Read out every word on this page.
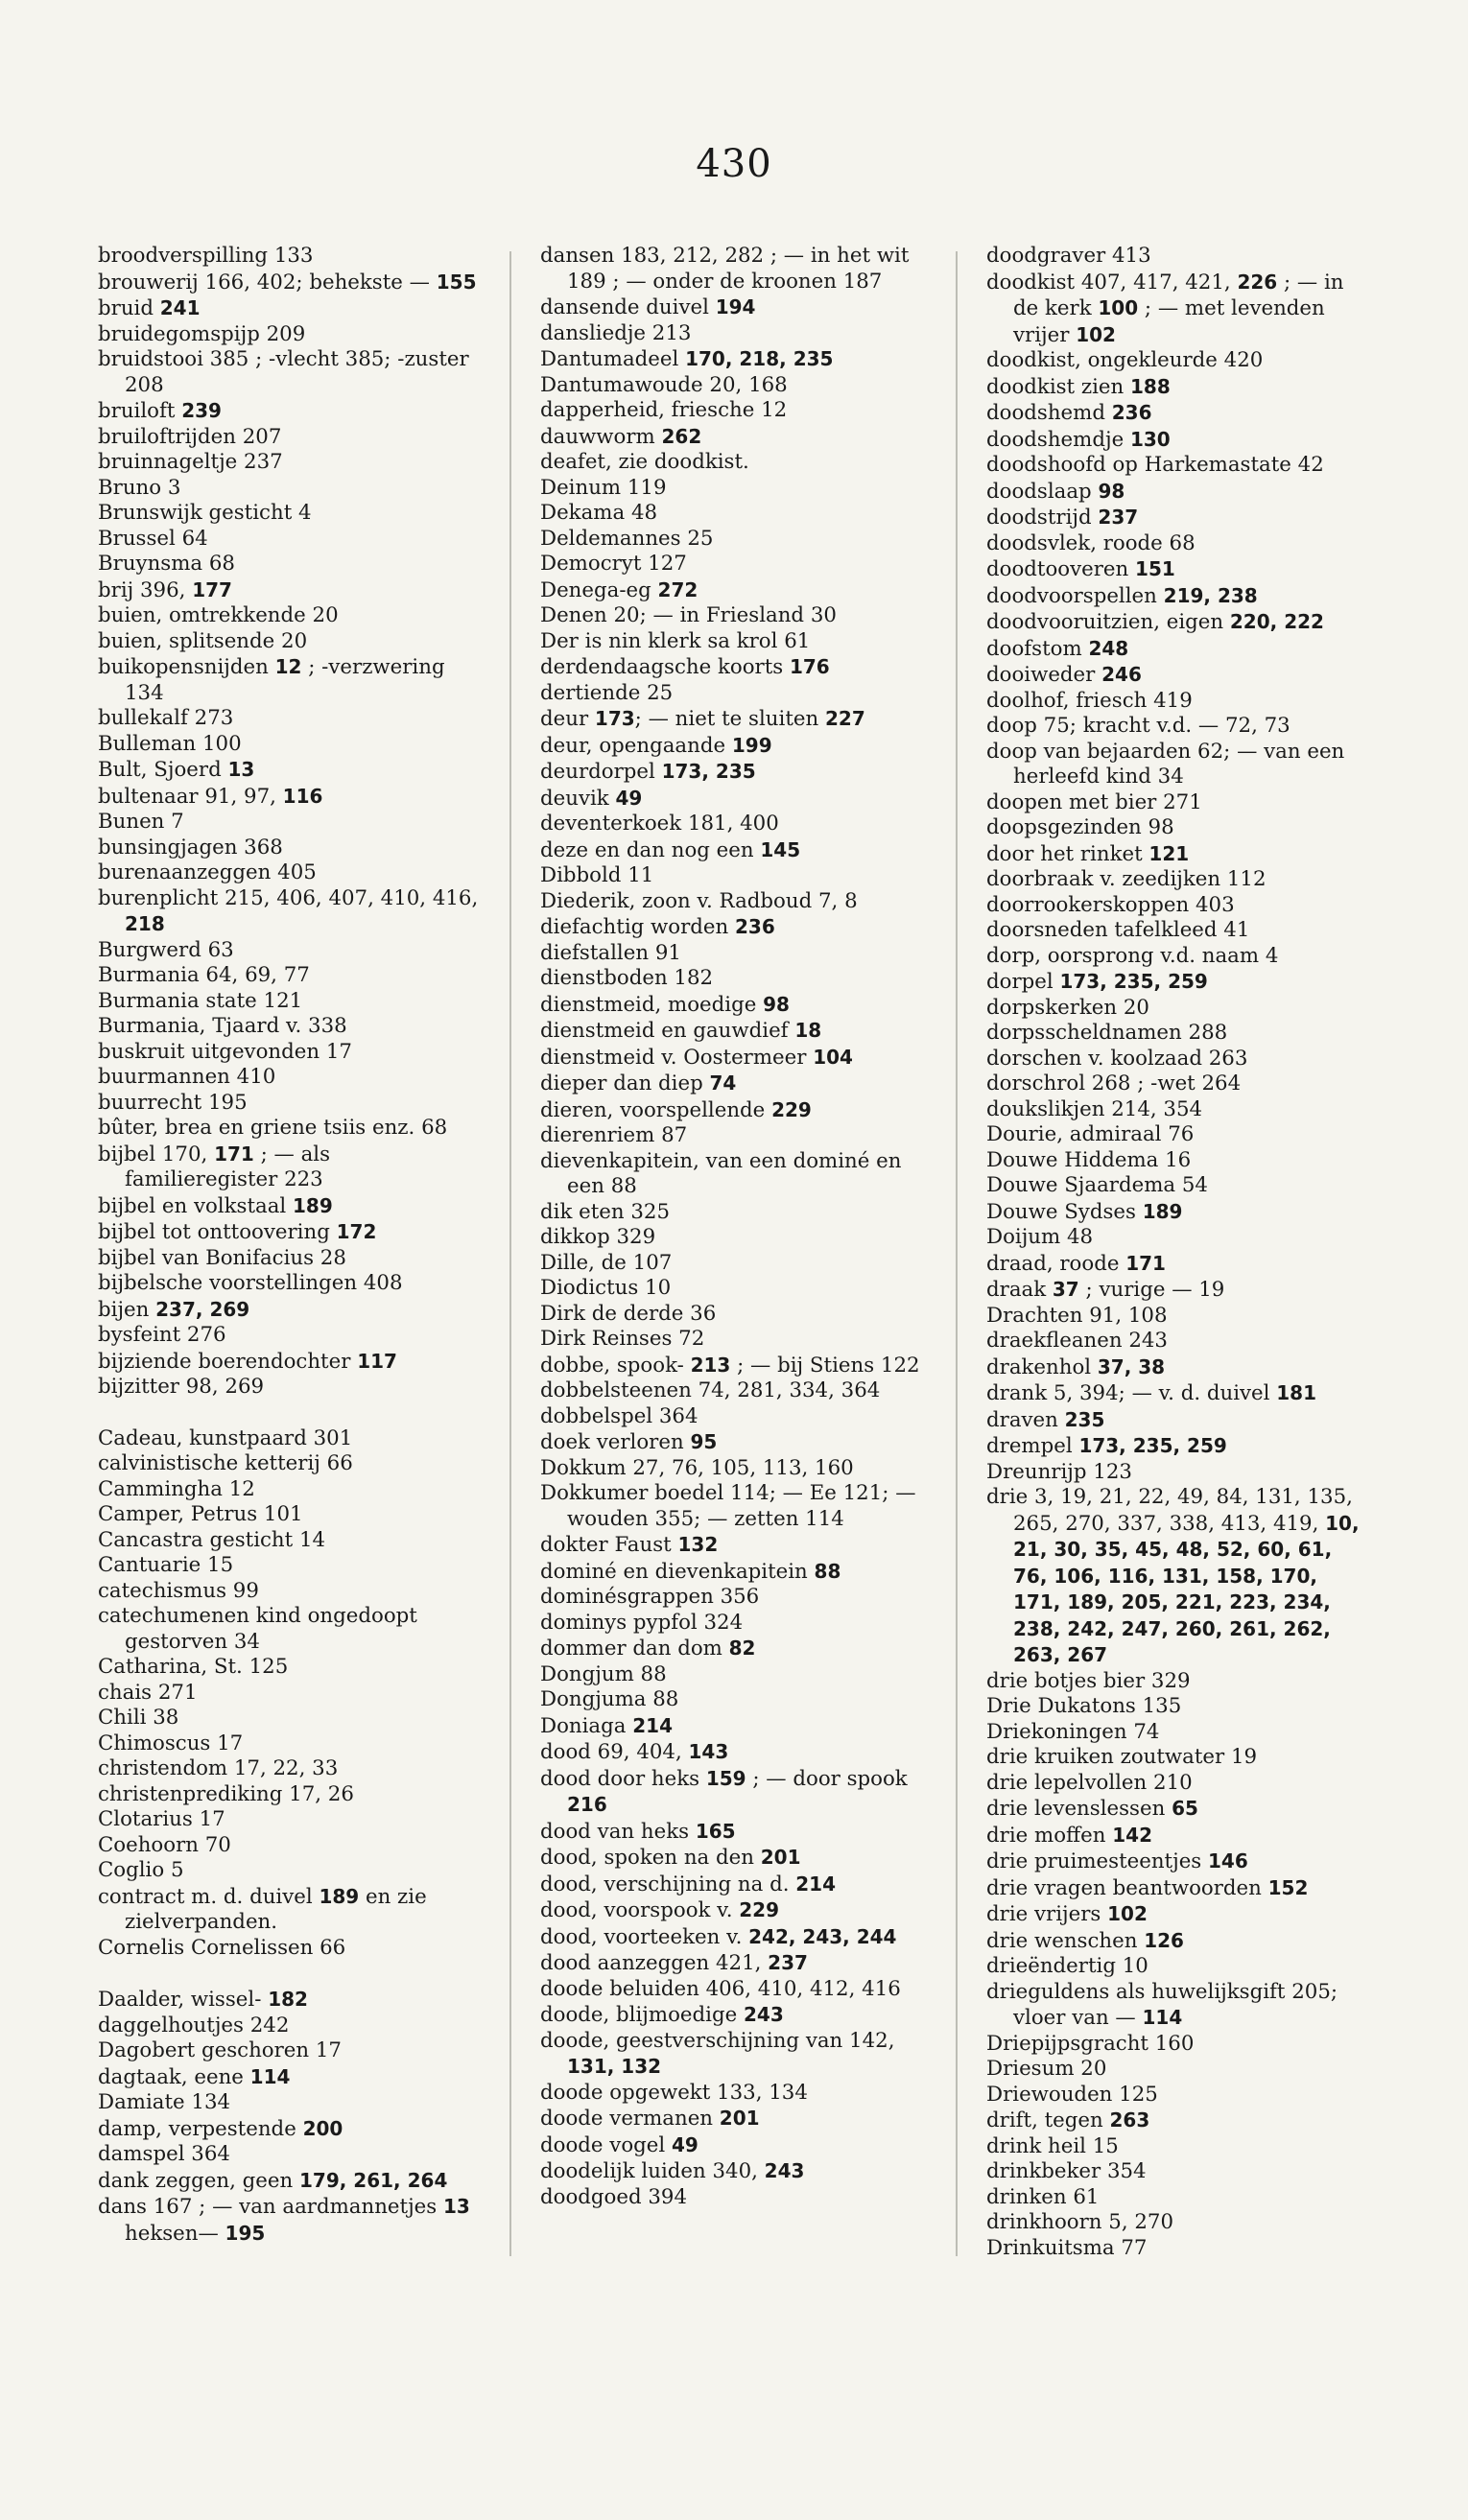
430
broodverspilling 133
brouwerij 166, 402; behekste — 155
bruid 241
bruidegomspijp 209
bruidstooi 385 ; -vlecht 385; -zuster 208
bruiloft 239
bruiloftrijden 207
bruinnageltje 237
Bruno 3
Brunswijk gesticht 4
Brussel 64
Bruynsma 68
brij 396, 177
buien, omtrekkende 20
buien, splitsende 20
buikopensnijden 12 ; -verzwering 134
bullekalf 273
Bulleman 100
Bult, Sjoerd 13
bultenaar 91, 97, 116
Bunen 7
bunsingjagen 368
burenaanzeggen 405
burenplicht 215, 406, 407, 410, 416, 218
Burgwerd 63
Burmania 64, 69, 77
Burmania state 121
Burmania, Tjaard v. 338
buskruit uitgevonden 17
buurmannen 410
buurrecht 195
bûter, brea en griene tsiis enz. 68
bijbel 170, 171 ; — als familieregister 223
bijbel en volkstaal 189
bijbel tot onttoovering 172
bijbel van Bonifacius 28
bijbelsche voorstellingen 408
bijen 237, 269
bysfeint 276
bijziende boerendochter 117
bijzitter 98, 269
Cadeau, kunstpaard 301
calvinistische ketterij 66
Cammingha 12
Camper, Petrus 101
Cancastra gesticht 14
Cantuarie 15
catechismus 99
catechumenen kind ongedoopt gestorven 34
Catharina, St. 125
chais 271
Chili 38
Chimoscus 17
christendom 17, 22, 33
christenprediking 17, 26
Clotarius 17
Coehoorn 70
Coglio 5
contract m. d. duivel 189 en zie zielverpanden.
Cornelis Cornelissen 66
Daalder, wissel- 182
daggelhoutjes 242
Dagobert geschoren 17
dagtaak, eene 114
Damiate 134
damp, verpestende 200
damspel 364
dank zeggen, geen 179, 261, 264
dans 167 ; — van aardmannetjes 13 heksen— 195
dansen 183, 212, 282 ; — in het wit 189 ; — onder de kroonen 187
dansende duivel 194
dansliedje 213
Dantumadeel 170, 218, 235
Dantumawoude 20, 168
dapperheid, friesche 12
dauwworm 262
deafet, zie doodkist.
Deinum 119
Dekama 48
Deldemannes 25
Democryt 127
Denega-eg 272
Denen 20; — in Friesland 30
Der is nin klerk sa krol 61
derdendaagsche koorts 176
dertiende 25
deur 173; — niet te sluiten 227
deur, opengaande 199
deurdorpel 173, 235
deuvik 49
deventerkoek 181, 400
deze en dan nog een 145
Dibbold 11
Diederik, zoon v. Radboud 7, 8
diefachtig worden 236
diefstallen 91
dienstboden 182
dienstmeid, moedige 98
dienstmeid en gauwdief 18
dienstmeid v. Oostermeer 104
dieper dan diep 74
dieren, voorspellende 229
dierenriem 87
dievenkapitein, van een dominé en een 88
dik eten 325
dikkop 329
Dille, de 107
Diodictus 10
Dirk de derde 36
Dirk Reinses 72
dobbe, spook- 213 ; — bij Stiens 122
dobbelsteenen 74, 281, 334, 364
dobbelspel 364
doek verloren 95
Dokkum 27, 76, 105, 113, 160
Dokkumer boedel 114; — Ee 121; — wouden 355; — zetten 114
dokter Faust 132
dominé en dievenkapitein 88
dominésgrappen 356
dominys pypfol 324
dommer dan dom 82
Dongjum 88
Dongjuma 88
Doniaga 214
dood 69, 404, 143
dood door heks 159 ; — door spook 216
dood van heks 165
dood, spoken na den 201
dood, verschijning na d. 214
dood, voorspook v. 229
dood, voorteeken v. 242, 243, 244
dood aanzeggen 421, 237
doode beluiden 406, 410, 412, 416
doode, blijmoedige 243
doode, geestverschijning van 142, 131, 132
doode opgewekt 133, 134
doode vermanen 201
doode vogel 49
doodelijk luiden 340, 243
doodgoed 394
doodgraver 413
doodkist 407, 417, 421, 226 ; — in de kerk 100 ; — met levenden vrijer 102
doodkist, ongekleurde 420
doodkist zien 188
doodshemd 236
doodshemdje 130
doodshoofd op Harkemastate 42
doodslaap 98
doodstrijd 237
doodsvlek, roode 68
doodtooveren 151
doodvoorspellen 219, 238
doodvooruitzien, eigen 220, 222
doofstom 248
dooiweder 246
doolhof, friesch 419
doop 75; kracht v.d. — 72, 73
doop van bejaarden 62; — van een herleefd kind 34
doopen met bier 271
doopsgezinden 98
door het rinket 121
doorbraak v. zeedijken 112
doorrookerskoppen 403
doorsneden tafelkleed 41
dorp, oorsprong v.d. naam 4
dorpel 173, 235, 259
dorpskerken 20
dorpsscheldnamen 288
dorschen v. koolzaad 263
dorschrol 268 ; -wet 264
doukslikjen 214, 354
Dourie, admiraal 76
Douwe Hiddema 16
Douwe Sjaardema 54
Douwe Sydses 189
Doijum 48
draad, roode 171
draak 37 ; vurige — 19
Drachten 91, 108
draekfleanen 243
drakenhol 37, 38
drank 5, 394; — v. d. duivel 181
draven 235
drempel 173, 235, 259
Dreunrijp 123
drie 3, 19, 21, 22, 49, 84, 131, 135, 265, 270, 337, 338, 413, 419, 10, 21, 30, 35, 45, 48, 52, 60, 61, 76, 106, 116, 131, 158, 170, 171, 189, 205, 221, 223, 234, 238, 242, 247, 260, 261, 262, 263, 267
drie botjes bier 329
Drie Dukatons 135
Driekoningen 74
drie kruiken zoutwater 19
drie lepelvollen 210
drie levenslessen 65
drie moffen 142
drie pruimesteentjes 146
drie vragen beantwoorden 152
drie vrijers 102
drie wenschen 126
drieëndertig 10
drieguldens als huwelijksgift 205; vloer van — 114
Driepijpsgracht 160
Driesum 20
Driewouden 125
drift, tegen 263
drink heil 15
drinkbeker 354
drinken 61
drinkhoorn 5, 270
Drinkuitsma 77
